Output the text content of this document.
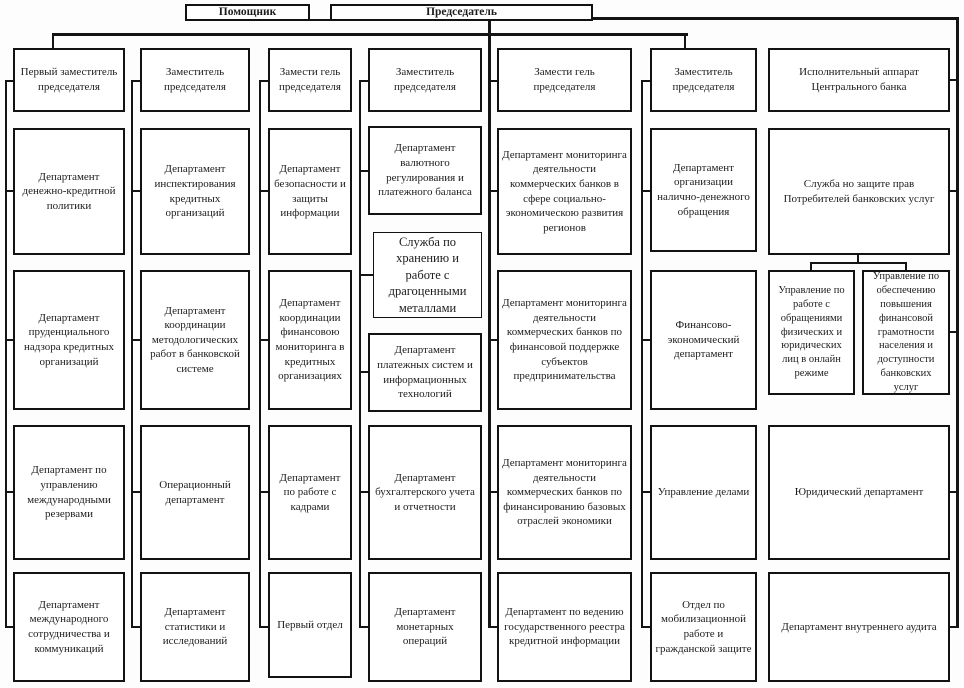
Помощник	Председатель
Первый заместитель председателя
Заместитель председателя
Замести гель председателя
Заместитель председателя
Замести гель председателя
Заместитель председателя
Исполнительный аппарат Центрального банка
Департамент денежно-кредитной политики
Департамент пруденциального надзора кредитных организаций
Департамент по управлению международными резервами
Департамент международного сотрудничества и коммуникаций
Департамент инспектирования кредитных организаций
Департамент координации методологических работ в банковской системе
Операционный департамент
Департамент статистики и исследований
Департамент безопасности и защиты информации
Департамент координации финансовою мониторинга в кредитных организациях
Департамент по работе с кадрами
Первый отдел
Департамент валютного регулирования и платежного баланса
Служба по хранению и работе с драгоценными металлами
Департамент платежных систем и информационных технологий
Департамент бухгалтерского учета и отчетности
Департамент монетарных операций
Департамент мониторинга деятельности коммерческих банков в сфере социально-экономическою развития регионов
Департамент мониторинга деятельности коммерческих банков по финансовой поддержке субъектов предпринимательства
Департамент мониторинга деятельности коммерческих банков по финансированию базовых отраслей экономики
Департамент по ведению государственного реестра кредитной информации
Департамент организации налично-денежного обращения
Финансово-экономический департамент
Управление делами
Отдел по мобилизационной работе и гражданской защите
Служба но защите прав Потребителей банковских услуг
Управление по работе с обращениями физических и юридических лиц в онлайн режиме
Управление по обеспечению повышения финансовой грамотности населения и доступности банковских услуг
Юридический департамент
Департамент внутреннего аудита
